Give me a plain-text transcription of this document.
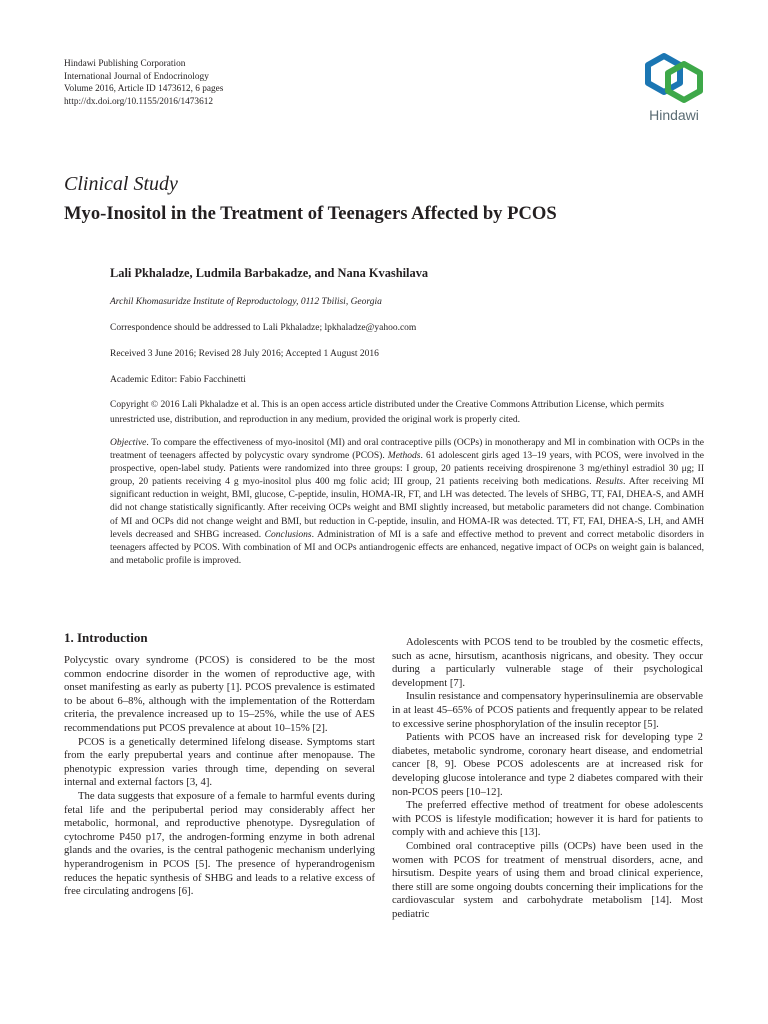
Hindawi Publishing Corporation
International Journal of Endocrinology
Volume 2016, Article ID 1473612, 6 pages
http://dx.doi.org/10.1155/2016/1473612
Hindawi
Clinical Study
Myo-Inositol in the Treatment of Teenagers Affected by PCOS
Lali Pkhaladze, Ludmila Barbakadze, and Nana Kvashilava
Archil Khomasuridze Institute of Reproductology, 0112 Tbilisi, Georgia
Correspondence should be addressed to Lali Pkhaladze; lpkhaladze@yahoo.com
Received 3 June 2016; Revised 28 July 2016; Accepted 1 August 2016
Academic Editor: Fabio Facchinetti
Copyright © 2016 Lali Pkhaladze et al. This is an open access article distributed under the Creative Commons Attribution License, which permits unrestricted use, distribution, and reproduction in any medium, provided the original work is properly cited.
Objective. To compare the effectiveness of myo-inositol (MI) and oral contraceptive pills (OCPs) in monotherapy and MI in combination with OCPs in the treatment of teenagers affected by polycystic ovary syndrome (PCOS). Methods. 61 adolescent girls aged 13–19 years, with PCOS, were involved in the prospective, open-label study. Patients were randomized into three groups: I group, 20 patients receiving drospirenone 3 mg/ethinyl estradiol 30 μg; II group, 20 patients receiving 4 g myo-inositol plus 400 mg folic acid; III group, 21 patients receiving both medications. Results. After receiving MI significant reduction in weight, BMI, glucose, C-peptide, insulin, HOMA-IR, FT, and LH was detected. The levels of SHBG, TT, FAI, DHEA-S, and AMH did not change statistically significantly. After receiving OCPs weight and BMI slightly increased, but metabolic parameters did not change. Combination of MI and OCPs did not change weight and BMI, but reduction in C-peptide, insulin, and HOMA-IR was detected. TT, FT, FAI, DHEA-S, LH, and AMH levels decreased and SHBG increased. Conclusions. Administration of MI is a safe and effective method to prevent and correct metabolic disorders in teenagers affected by PCOS. With combination of MI and OCPs antiandrogenic effects are enhanced, negative impact of OCPs on weight gain is balanced, and metabolic profile is improved.
1. Introduction

Polycystic ovary syndrome (PCOS) is considered to be the most common endocrine disorder in the women of reproductive age, with onset manifesting as early as puberty [1]. PCOS prevalence is estimated to be about 6–8%, although with the implementation of the Rotterdam criteria, the prevalence increased up to 15–25%, while the use of AES recommendations put PCOS prevalence at about 10–15% [2].

PCOS is a genetically determined lifelong disease. Symptoms start from the early prepubertal years and continue after menopause. The phenotypic expression varies through time, depending on several internal and external factors [3, 4].

The data suggests that exposure of a female to harmful events during fetal life and the peripubertal period may considerably affect her metabolic, hormonal, and reproductive phenotype. Dysregulation of cytochrome P450 p17, the androgen-forming enzyme in both adrenal glands and the ovaries, is the central pathogenic mechanism underlying hyperandrogenism in PCOS [5]. The presence of hyperandrogenism reduces the hepatic synthesis of SHBG and leads to a relative excess of free circulating androgens [6].

Adolescents with PCOS tend to be troubled by the cosmetic effects, such as acne, hirsutism, acanthosis nigricans, and obesity. They occur during a particularly vulnerable stage of their psychological development [7].

Insulin resistance and compensatory hyperinsulinemia are observable in at least 45–65% of PCOS patients and frequently appear to be related to excessive serine phosphorylation of the insulin receptor [5].

Patients with PCOS have an increased risk for developing type 2 diabetes, metabolic syndrome, coronary heart disease, and endometrial cancer [8, 9]. Obese PCOS adolescents are at increased risk for developing glucose intolerance and type 2 diabetes compared with their non-PCOS peers [10–12].

The preferred effective method of treatment for obese adolescents with PCOS is lifestyle modification; however it is hard for patients to comply with and achieve this [13].

Combined oral contraceptive pills (OCPs) have been used in the women with PCOS for treatment of menstrual disorders, acne, and hirsutism. Despite years of using them and broad clinical experience, there still are some ongoing doubts concerning their implications for the cardiovascular system and carbohydrate metabolism [14]. Most pediatric
